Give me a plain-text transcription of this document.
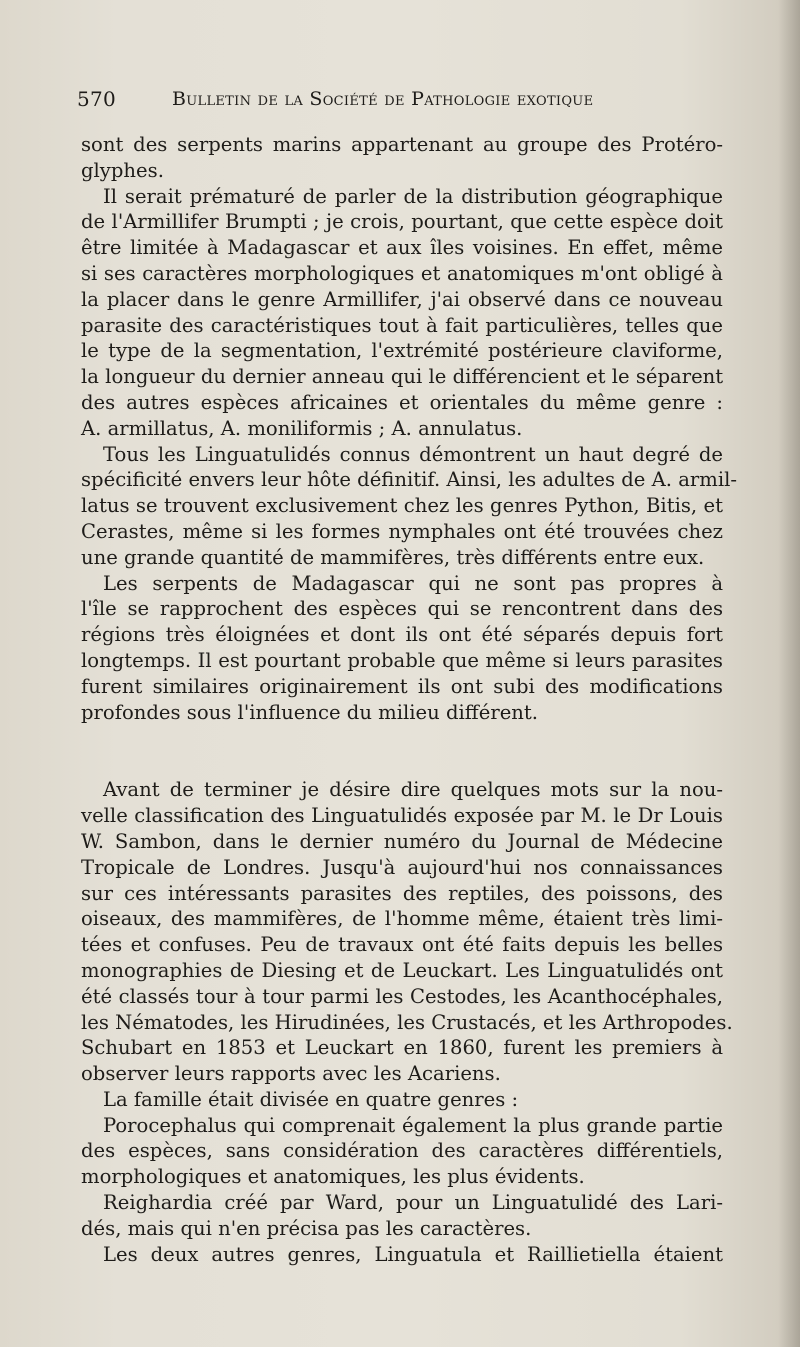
570	Bulletin de la Société de Pathologie exotique
sont des serpents marins appartenant au groupe des Protéro-
glyphes.
Il serait prématuré de parler de la distribution géographique
de l'Armillifer Brumpti ; je crois, pourtant, que cette espèce doit
être limitée à Madagascar et aux îles voisines. En effet, même
si ses caractères morphologiques et anatomiques m'ont obligé à
la placer dans le genre Armillifer, j'ai observé dans ce nouveau
parasite des caractéristiques tout à fait particulières, telles que
le type de la segmentation, l'extrémité postérieure claviforme,
la longueur du dernier anneau qui le différencient et le séparent
des autres espèces africaines et orientales du même genre :
A. armillatus, A. moniliformis ; A. annulatus.
Tous les Linguatulidés connus démontrent un haut degré de
spécificité envers leur hôte définitif. Ainsi, les adultes de A. armil-
latus se trouvent exclusivement chez les genres Python, Bitis, et
Cerastes, même si les formes nymphales ont été trouvées chez
une grande quantité de mammifères, très différents entre eux.
Les serpents de Madagascar qui ne sont pas propres à
l'île se rapprochent des espèces qui se rencontrent dans des
régions très éloignées et dont ils ont été séparés depuis fort
longtemps. Il est pourtant probable que même si leurs parasites
furent similaires originairement ils ont subi des modifications
profondes sous l'influence du milieu différent.
Avant de terminer je désire dire quelques mots sur la nou-
velle classification des Linguatulidés exposée par M. le Dr Louis
W. Sambon, dans le dernier numéro du Journal de Médecine
Tropicale de Londres. Jusqu'à aujourd'hui nos connaissances
sur ces intéressants parasites des reptiles, des poissons, des
oiseaux, des mammifères, de l'homme même, étaient très limi-
tées et confuses. Peu de travaux ont été faits depuis les belles
monographies de Diesing et de Leuckart. Les Linguatulidés ont
été classés tour à tour parmi les Cestodes, les Acanthocéphales,
les Nématodes, les Hirudinées, les Crustacés, et les Arthropodes.
Schubart en 1853 et Leuckart en 1860, furent les premiers à
observer leurs rapports avec les Acariens.
La famille était divisée en quatre genres :
Porocephalus qui comprenait également la plus grande partie
des espèces, sans considération des caractères différentiels,
morphologiques et anatomiques, les plus évidents.
Reighardia créé par Ward, pour un Linguatulidé des Lari-
dés, mais qui n'en précisa pas les caractères.
Les deux autres genres, Linguatula et Raillietiella étaient
